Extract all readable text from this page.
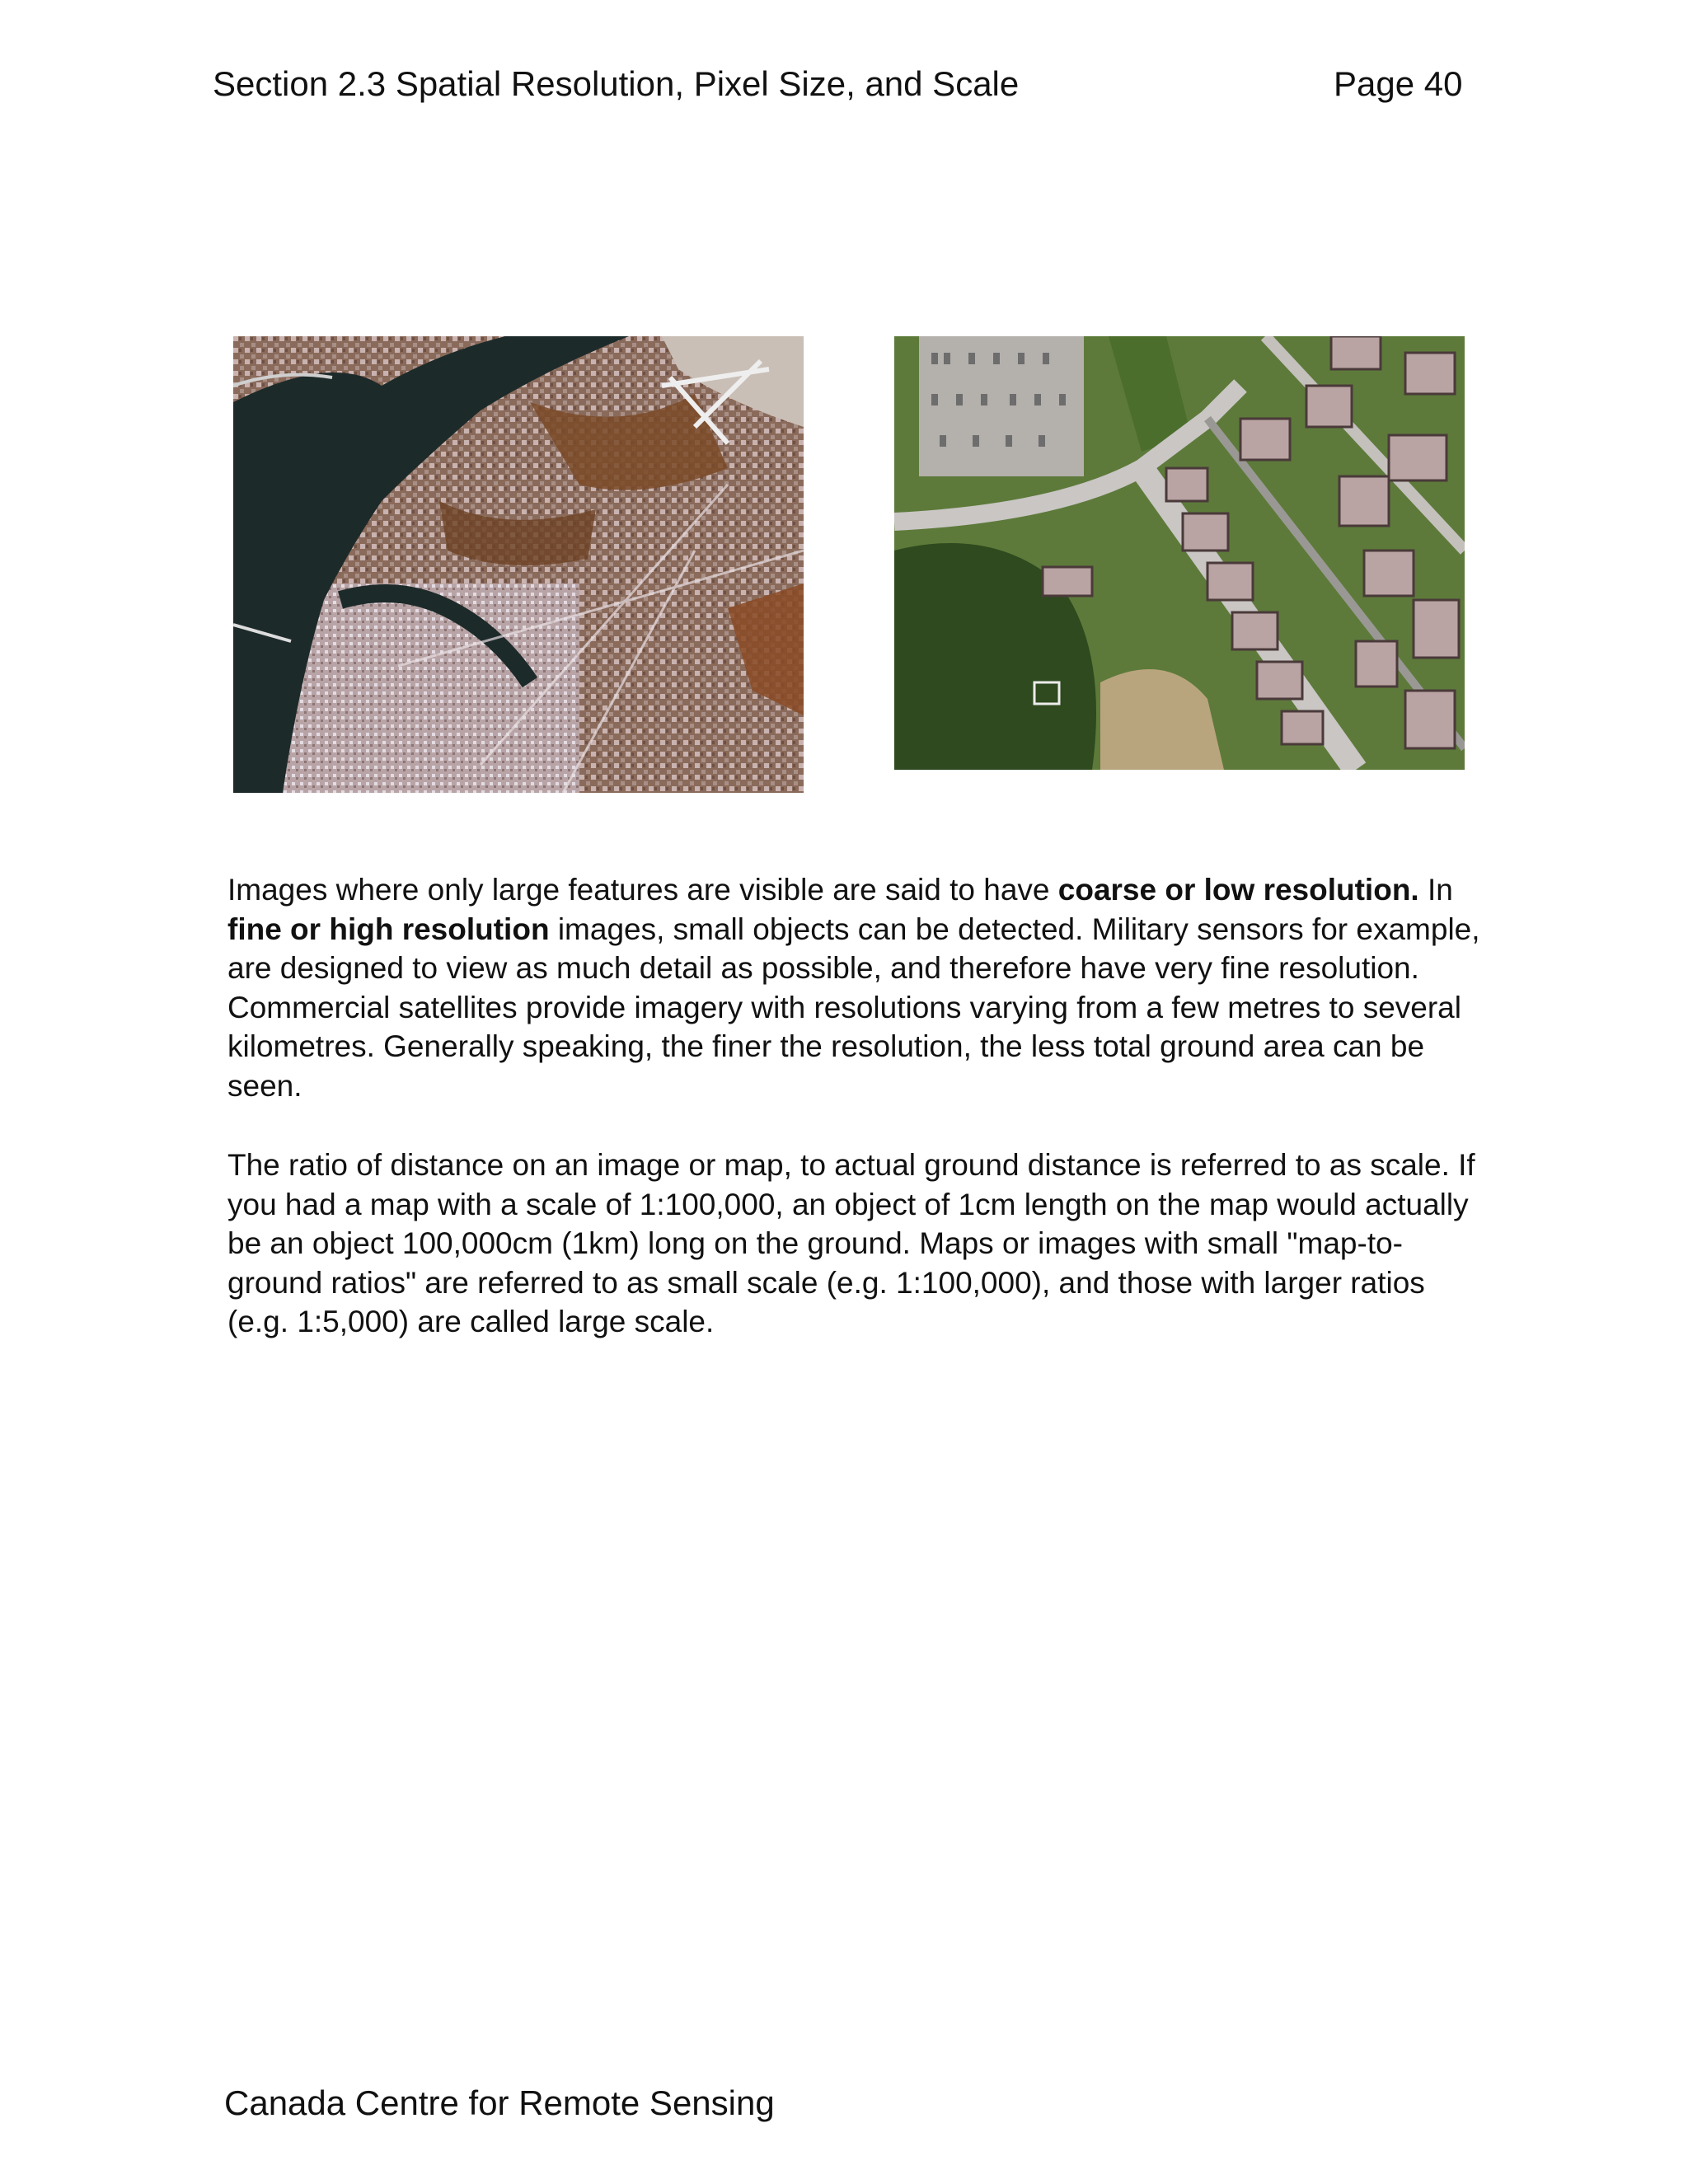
Section 2.3 Spatial Resolution, Pixel Size, and Scale	Page 40

Images where only large features are visible are said to have coarse or low resolution. In fine or high resolution images, small objects can be detected. Military sensors for example, are designed to view as much detail as possible, and therefore have very fine resolution. Commercial satellites provide imagery with resolutions varying from a few metres to several kilometres. Generally speaking, the finer the resolution, the less total ground area can be seen.

The ratio of distance on an image or map, to actual ground distance is referred to as scale. If you had a map with a scale of 1:100,000, an object of 1cm length on the map would actually be an object 100,000cm (1km) long on the ground. Maps or images with small "map-to-ground ratios" are referred to as small scale (e.g. 1:100,000), and those with larger ratios (e.g. 1:5,000) are called large scale.

Canada Centre for Remote Sensing
